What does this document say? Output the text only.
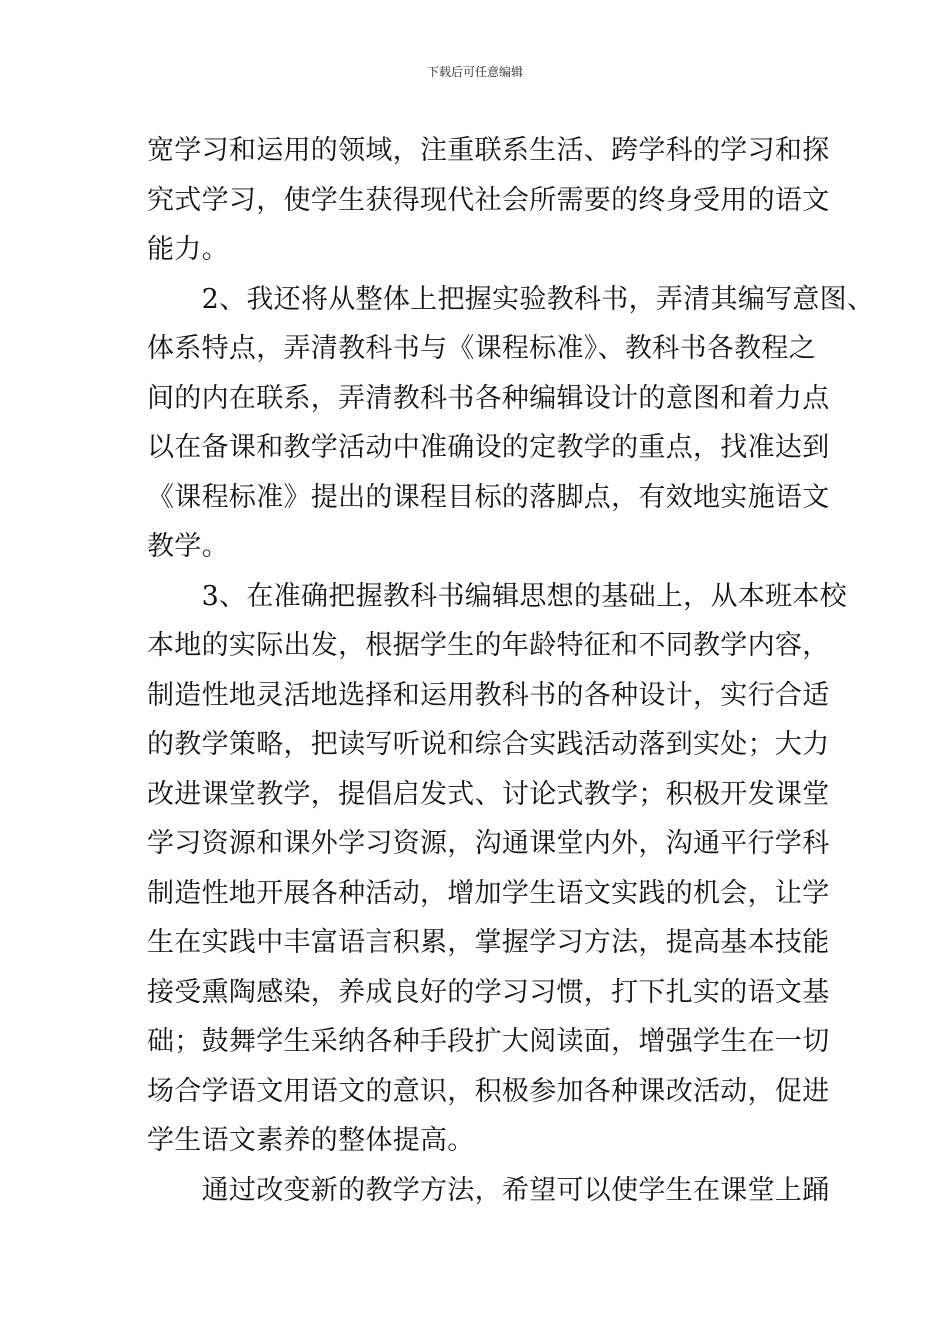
下载后可任意编辑
宽学习和运用的领域，注重联系生活、跨学科的学习和探
究式学习，使学生获得现代社会所需要的终身受用的语文
能力。
　　2、我还将从整体上把握实验教科书，弄清其编写意图、
体系特点，弄清教科书与《课程标准》、教科书各教程之
间的内在联系，弄清教科书各种编辑设计的意图和着力点
以在备课和教学活动中准确设的定教学的重点，找准达到
《课程标准》提出的课程目标的落脚点，有效地实施语文
教学。
　　3、在准确把握教科书编辑思想的基础上，从本班本校
本地的实际出发，根据学生的年龄特征和不同教学内容，
制造性地灵活地选择和运用教科书的各种设计，实行合适
的教学策略，把读写听说和综合实践活动落到实处；大力
改进课堂教学，提倡启发式、讨论式教学；积极开发课堂
学习资源和课外学习资源，沟通课堂内外，沟通平行学科
制造性地开展各种活动，增加学生语文实践的机会，让学
生在实践中丰富语言积累，掌握学习方法，提高基本技能
接受熏陶感染，养成良好的学习习惯，打下扎实的语文基
础；鼓舞学生采纳各种手段扩大阅读面，增强学生在一切
场合学语文用语文的意识，积极参加各种课改活动，促进
学生语文素养的整体提高。
　　通过改变新的教学方法，希望可以使学生在课堂上踊
